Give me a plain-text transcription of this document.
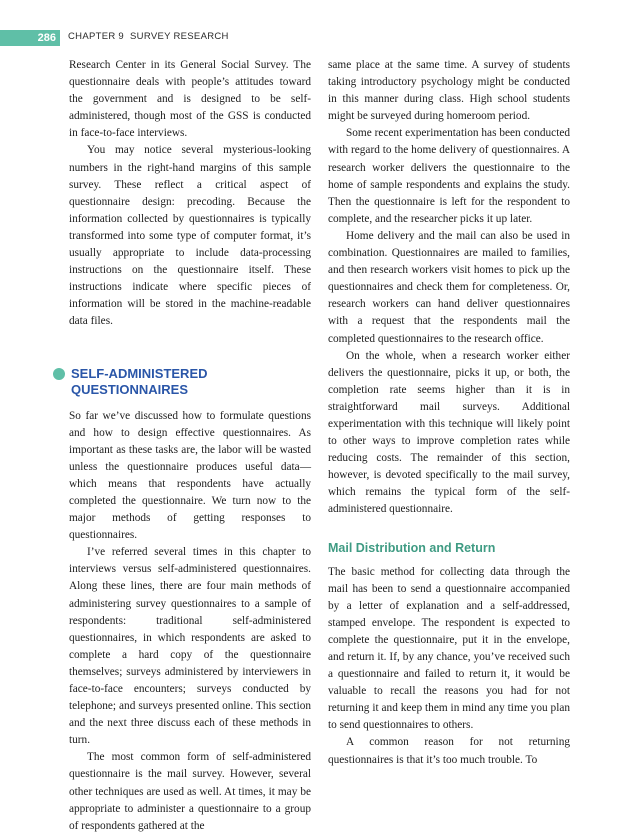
286	CHAPTER 9 SURVEY RESEARCH

Research Center in its General Social Survey. The questionnaire deals with people’s attitudes toward the government and is designed to be self-administered, though most of the GSS is conducted in face-to-face interviews.

You may notice several mysterious-looking numbers in the right-hand margins of this sample survey. These reflect a critical aspect of questionnaire design: precoding. Because the information collected by questionnaires is typically transformed into some type of computer format, it’s usually appropriate to include data-processing instructions on the questionnaire itself. These instructions indicate where specific pieces of information will be stored in the machine-readable data files.

SELF-ADMINISTERED QUESTIONNAIRES

So far we’ve discussed how to formulate questions and how to design effective questionnaires. As important as these tasks are, the labor will be wasted unless the questionnaire produces useful data—which means that respondents have actually completed the questionnaire. We turn now to the major methods of getting responses to questionnaires.

I’ve referred several times in this chapter to interviews versus self-administered questionnaires. Along these lines, there are four main methods of administering survey questionnaires to a sample of respondents: traditional self-administered questionnaires, in which respondents are asked to complete a hard copy of the questionnaire themselves; surveys administered by interviewers in face-to-face encounters; surveys conducted by telephone; and surveys presented online. This section and the next three discuss each of these methods in turn.

The most common form of self-administered questionnaire is the mail survey. However, several other techniques are used as well. At times, it may be appropriate to administer a questionnaire to a group of respondents gathered at the

same place at the same time. A survey of students taking introductory psychology might be conducted in this manner during class. High school students might be surveyed during homeroom period.

Some recent experimentation has been conducted with regard to the home delivery of questionnaires. A research worker delivers the questionnaire to the home of sample respondents and explains the study. Then the questionnaire is left for the respondent to complete, and the researcher picks it up later.

Home delivery and the mail can also be used in combination. Questionnaires are mailed to families, and then research workers visit homes to pick up the questionnaires and check them for completeness. Or, research workers can hand deliver questionnaires with a request that the respondents mail the completed questionnaires to the research office.

On the whole, when a research worker either delivers the questionnaire, picks it up, or both, the completion rate seems higher than it is in straightforward mail surveys. Additional experimentation with this technique will likely point to other ways to improve completion rates while reducing costs. The remainder of this section, however, is devoted specifically to the mail survey, which remains the typical form of the self-administered questionnaire.

Mail Distribution and Return

The basic method for collecting data through the mail has been to send a questionnaire accompanied by a letter of explanation and a self-addressed, stamped envelope. The respondent is expected to complete the questionnaire, put it in the envelope, and return it. If, by any chance, you’ve received such a questionnaire and failed to return it, it would be valuable to recall the reasons you had for not returning it and keep them in mind any time you plan to send questionnaires to others.

A common reason for not returning questionnaires is that it’s too much trouble. To
